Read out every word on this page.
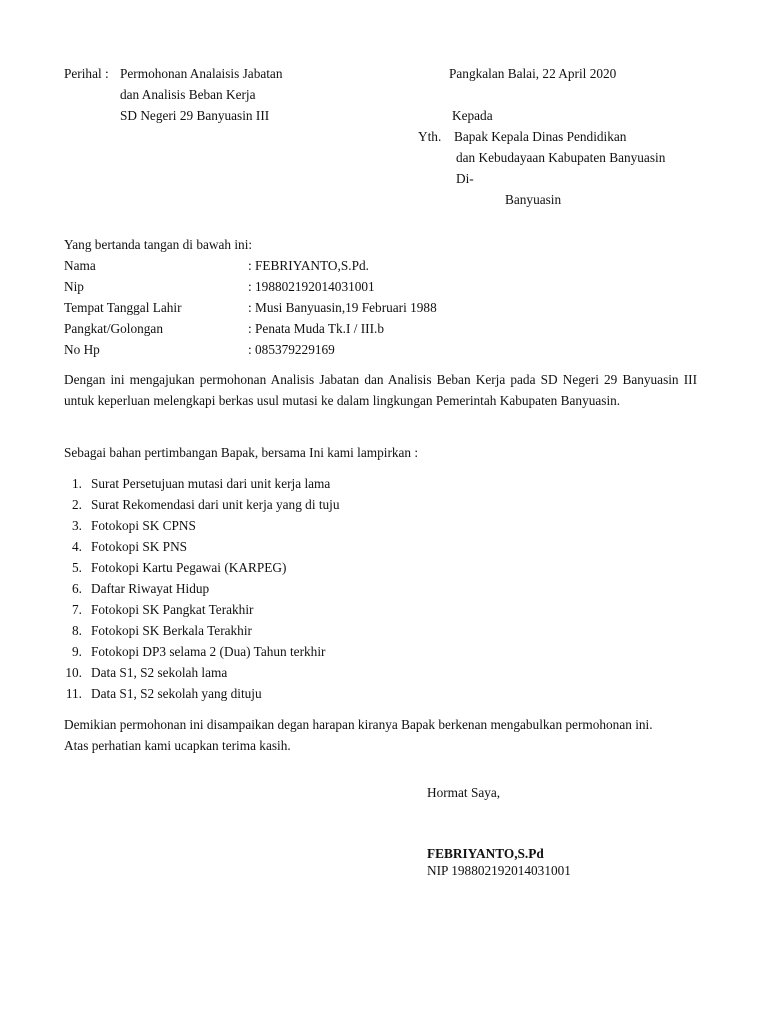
Perihal : Permohonan Analaisis Jabatan
dan Analisis Beban Kerja
SD Negeri 29 Banyuasin III
Pangkalan Balai, 22 April 2020
Kepada
Yth. Bapak Kepala Dinas Pendidikan
dan Kebudayaan Kabupaten Banyuasin
Di-
Banyuasin
Yang bertanda tangan di bawah ini:
Nama	: FEBRIYANTO,S.Pd.
Nip	: 198802192014031001
Tempat Tanggal Lahir	: Musi Banyuasin,19 Februari 1988
Pangkat/Golongan	: Penata Muda Tk.I / III.b
No Hp	: 085379229169
Dengan ini mengajukan permohonan Analisis Jabatan dan Analisis Beban Kerja pada SD Negeri 29 Banyuasin III untuk keperluan melengkapi berkas usul mutasi ke dalam lingkungan Pemerintah Kabupaten Banyuasin.
Sebagai bahan pertimbangan Bapak, bersama Ini kami lampirkan :
1. Surat Persetujuan mutasi dari unit kerja lama
2. Surat Rekomendasi dari unit kerja yang di tuju
3. Fotokopi SK CPNS
4. Fotokopi SK PNS
5. Fotokopi Kartu Pegawai (KARPEG)
6. Daftar Riwayat Hidup
7. Fotokopi SK Pangkat Terakhir
8. Fotokopi SK Berkala Terakhir
9. Fotokopi DP3 selama 2 (Dua) Tahun terkhir
10. Data S1, S2 sekolah lama
11. Data S1, S2 sekolah yang dituju
Demikian permohonan ini disampaikan degan harapan kiranya Bapak berkenan mengabulkan permohonan ini. Atas perhatian kami ucapkan terima kasih.
Hormat Saya,
FEBRIYANTO,S.Pd
NIP 198802192014031001
